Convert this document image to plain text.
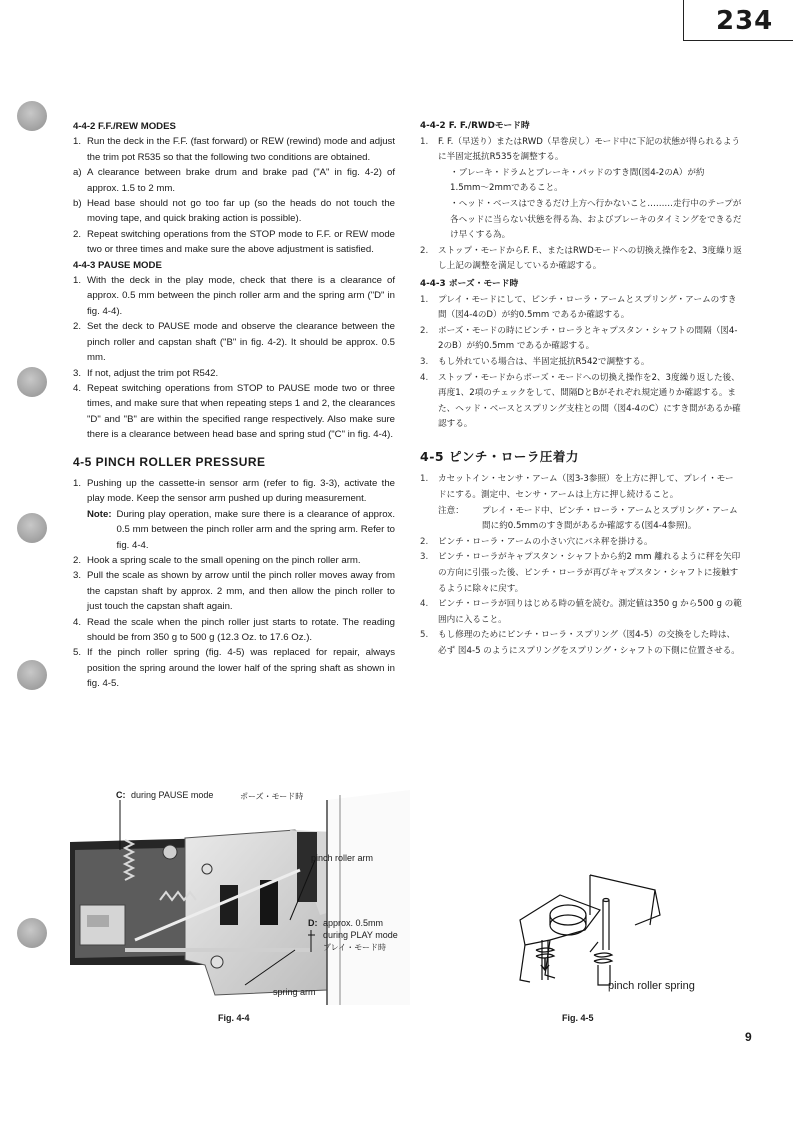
234

4-4-2 F.F./REW MODES

1. Run the deck in the F.F. (fast forward) or REW (rewind) mode and adjust the trim pot R535 so that the following two conditions are obtained.
a) A clearance between brake drum and brake pad ("A" in fig. 4-2) of approx. 1.5 to 2 mm.
b) Head base should not go too far up (so the heads do not touch the moving tape, and quick braking action is possible).
2. Repeat switching operations from the STOP mode to F.F. or REW mode two or three times and make sure the above adjustment is satisfied.

4-4-3 PAUSE MODE

1. With the deck in the play mode, check that there is a clearance of approx. 0.5 mm between the pinch roller arm and the spring arm ("D" in fig. 4-4).
2. Set the deck to PAUSE mode and observe the clearance between the pinch roller and capstan shaft ("B" in fig. 4-2). It should be approx. 0.5 mm.
3. If not, adjust the trim pot R542.
4. Repeat switching operations from STOP to PAUSE mode two or three times, and make sure that when repeating steps 1 and 2, the clearances "D" and "B" are within the specified range respectively. Also make sure there is a clearance between head base and spring stud ("C" in fig. 4-4).

4-5 PINCH ROLLER PRESSURE

1. Pushing up the cassette-in sensor arm (refer to fig. 3-3), activate the play mode. Keep the sensor arm pushed up during measurement.
Note: During play operation, make sure there is a clearance of approx. 0.5 mm between the pinch roller arm and the spring arm. Refer to fig. 4-4.
2. Hook a spring scale to the small opening on the pinch roller arm.
3. Pull the scale as shown by arrow until the pinch roller moves away from the capstan shaft by approx. 2 mm, and then allow the pinch roller to just touch the capstan shaft again.
4. Read the scale when the pinch roller just starts to rotate. The reading should be from 350 g to 500 g (12.3 Oz. to 17.6 Oz.).
5. If the pinch roller spring (fig. 4-5) was replaced for repair, always position the spring around the lower half of the spring shaft as shown in fig. 4-5.

4-4-2 F. F./RWDモード時

1.	F. F.（早送り）またはRWD（早巻戻し）モード中に下記の状態が得られるように半固定抵抗R535を調整する。

・ブレーキ・ドラムとブレーキ・パッドのすき間(図4-2のA）が約1.5mm〜2mmであること。

・ヘッド・ベースはできるだけ上方へ行かないこと………走行中のテープが各ヘッドに当らない状態を得る為、およびブレーキのタイミングをできるだけ早くする為。

2.	ストップ・モードからF. F.、またはRWDモードへの切換え操作を2、3度繰り返し上記の調整を満足しているか確認する。

4-4-3 ポーズ・モード時

1.	プレイ・モードにして、ピンチ・ローラ・アームとスプリング・アームのすき間（図4-4のD）が約0.5mm であるか確認する。
2.	ポーズ・モードの時にピンチ・ローラとキャプスタン・シャフトの間隔（図4-2のB）が約0.5mm であるか確認する。
3.	もし外れている場合は、半固定抵抗R542で調整する。
4.	ストップ・モードからポーズ・モードへの切換え操作を2、3度繰り返した後、再度1、2項のチェックをして、間隔DとBがそれぞれ規定通りか確認する。また、ヘッド・ベースとスプリング支柱との間（図4-4のC）にすき間があるか確認する。

4-5 ピンチ・ローラ圧着力

1.	カセットイン・センサ・アーム（図3-3参照）を上方に押して、プレイ・モードにする。測定中、センサ・アームは上方に押し続けること。
注意：	プレイ・モード中、ピンチ・ローラ・アームとスプリング・アーム間に約0.5mmのすき間があるか確認する(図4-4参照)。
2.	ピンチ・ローラ・アームの小さい穴にバネ秤を掛ける。
3.	ピンチ・ローラがキャプスタン・シャフトから約2 mm 離れるように秤を矢印の方向に引張った後、ピンチ・ローラが再びキャプスタン・シャフトに接触するように除々に戻す。
4.	ピンチ・ローラが回りはじめる時の値を読む。測定値は350 g から500 g の範囲内に入ること。
5.	もし修理のためにピンチ・ローラ・スプリング（図4-5）の交換をした時は、必ず 図4-5 のようにスプリングをスプリング・シャフトの下側に位置させる。
C: during PAUSE mode	ポーズ・モード時
pinch roller arm
D: approx. 0.5mm
during PLAY mode
プレイ・モード時
spring arm
Fig. 4-4
pinch roller spring
Fig. 4-5
9
